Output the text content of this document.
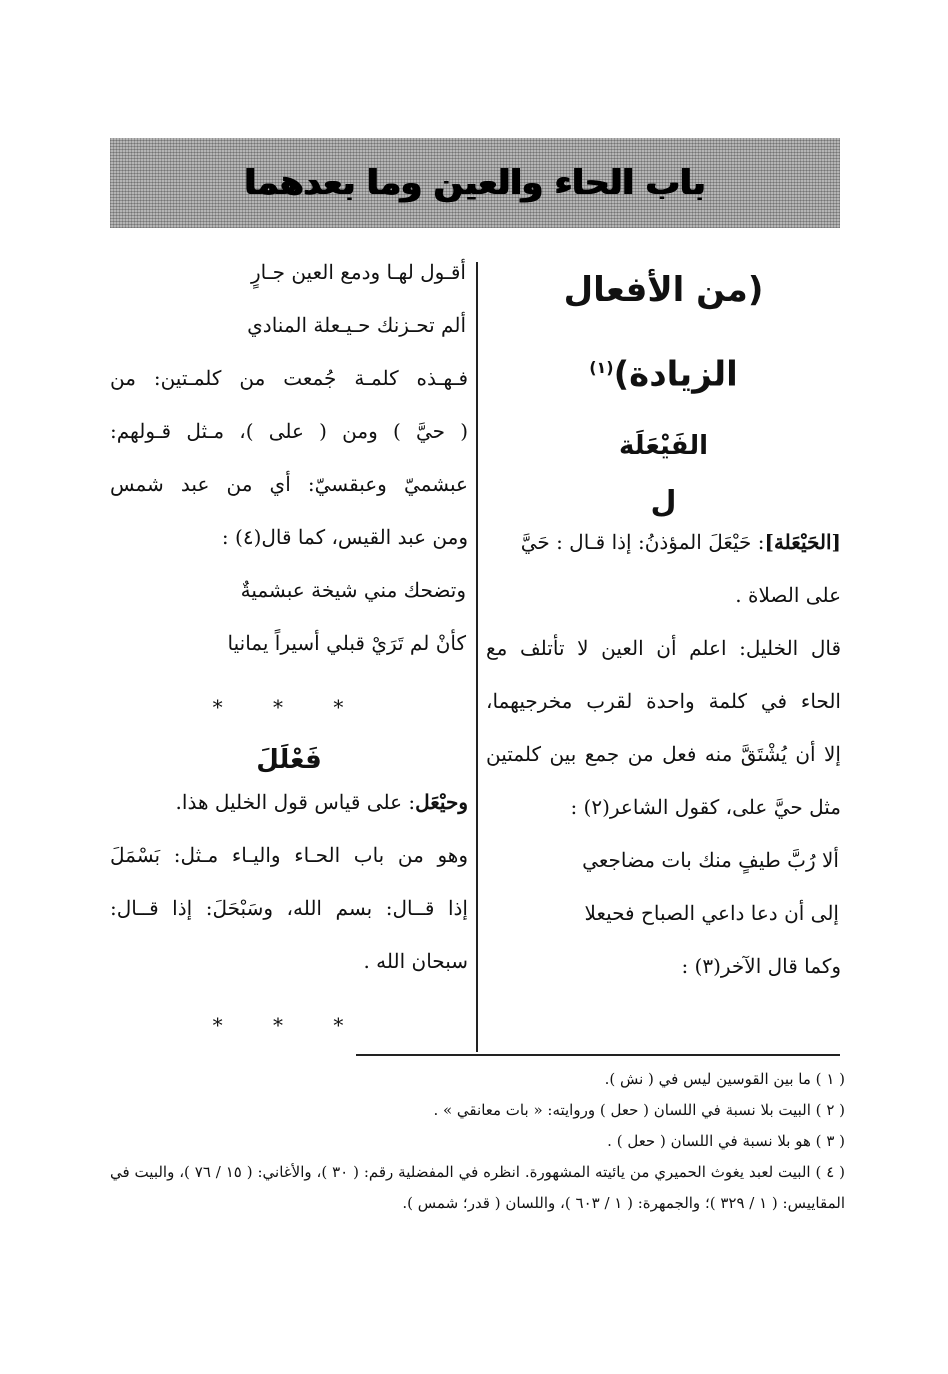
باب الحاء والعين وما بعدهما
(من الأفعال
الزيادة)$^{(١)}$
الفَيْعَلَة
ل
[الحَيْعَلة]: حَيْعَلَ المؤذنُ: إذا قـال : حَيَّ
على الصلاة .
قال الخليل: اعلم أن العين لا تأتلف مع
الحاء في كلمة واحدة لقرب مخرجيهما،
إلا أن يُشْتَقَّ منه فعل من جمع بين كلمتين
مثل حيَّ على، كقول الشاعر(٢) :
ألا رُبَّ طيفٍ منك بات مضاجعي
إلى أن دعا داعي الصباح فحيعلا
وكما قال الآخر(٣) :
أقـول لهـا ودمع العين جـارٍ
ألم تحـزنك حـيـعلة المنادي
فـهـذه كلمـة جُمعت من كلمـتين: من
( حيَّ ) ومن ( على )، مـثل قـولهم:
عبشميّ وعبقسيّ: أي من عبد شمس
ومن عبد القيس، كما قال(٤) :
وتضحك مني شيخة عبشميةٌ
كأنْ لم تَرَيْ قبلي أسيراً يمانيا
* * *
فَعْلَلَ
وحيْعَل: على قياس قول الخليل هذا.
وهو من باب الحـاء واليـاء مـثل: بَسْمَلَ
إذا قــال: بسم الله، وسَبْحَلَ: إذا قــال:
سبحان الله .
* * *
( ١ ) ما بين القوسين ليس في ( نش ).
( ٢ ) البيت بلا نسبة في اللسان ( حعل ) وروايته: « بات معانقي » .
( ٣ ) هو بلا نسبة في اللسان ( حعل ) .
( ٤ ) البيت لعبد يغوث الحميري من يائيته المشهورة. انظره في المفضلية رقم: ( ٣٠ )، والأغاني: ( ١٥ / ٧٦ )، والبيت في المقاييس: ( ١ / ٣٢٩ )؛ والجمهرة: ( ١ / ٦٠٣ )، واللسان ( قدر؛ شمس ).
